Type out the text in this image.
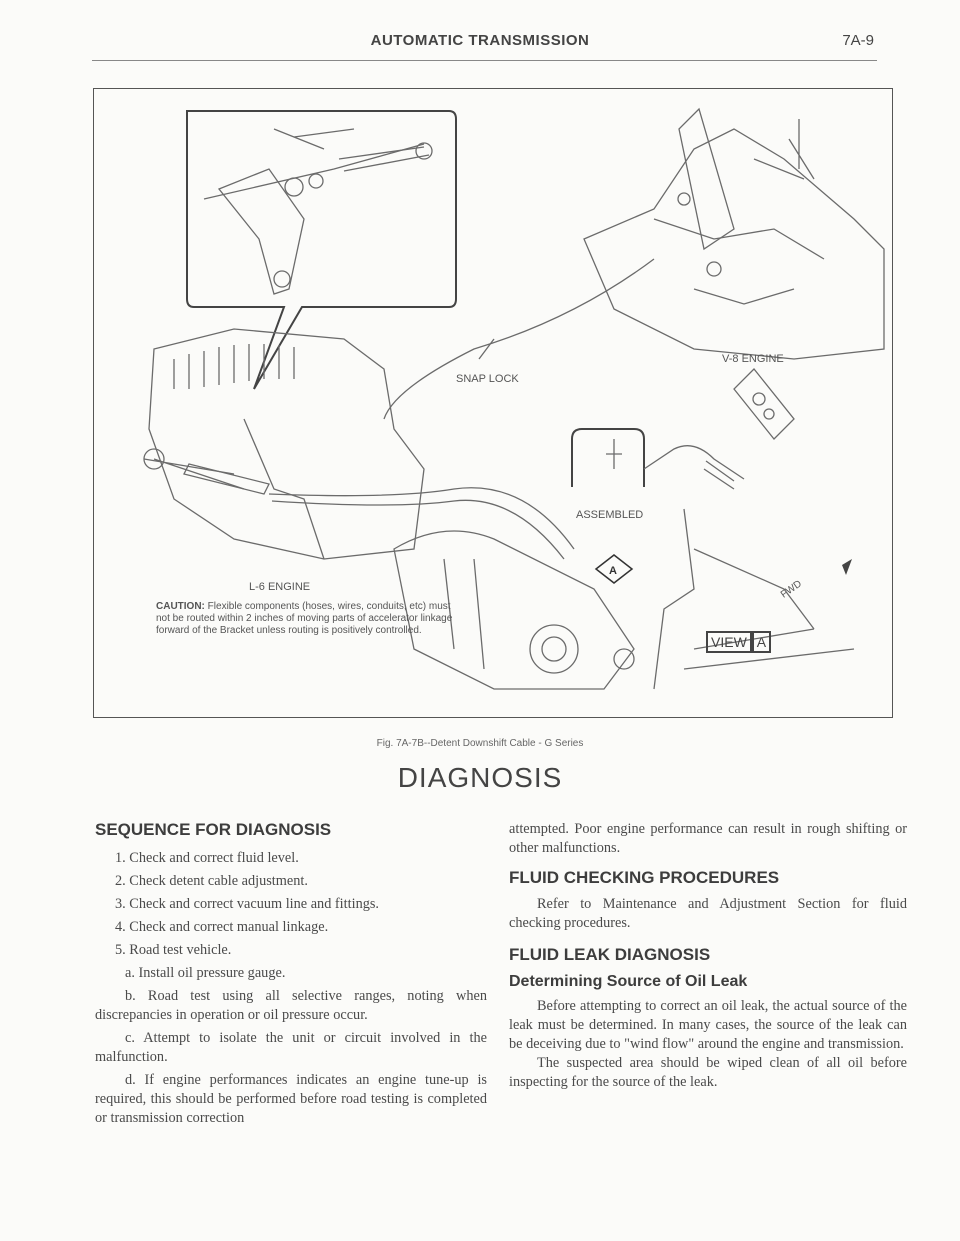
AUTOMATIC TRANSMISSION	7A-9
A
SNAP LOCK
V-8 ENGINE
L-6 ENGINE
ASSEMBLED
FWD
VIEW A
CAUTION: Flexible components (hoses, wires, conduits, etc) must not be routed within 2 inches of moving parts of accelerator linkage forward of the Bracket unless routing is positively controlled.
Fig. 7A-7B--Detent Downshift Cable - G Series
DIAGNOSIS

SEQUENCE FOR DIAGNOSIS

1. Check and correct fluid level.

2. Check detent cable adjustment.

3. Check and correct vacuum line and fittings.

4. Check and correct manual linkage.

5. Road test vehicle.

a. Install oil pressure gauge.

b. Road test using all selective ranges, noting when discrepancies in operation or oil pressure occur.

c. Attempt to isolate the unit or circuit involved in the malfunction.

d. If engine performances indicates an engine tune-up is required, this should be performed before road testing is completed or transmission correction

attempted. Poor engine performance can result in rough shifting or other malfunctions.

FLUID CHECKING PROCEDURES

Refer to Maintenance and Adjustment Section for fluid checking procedures.

FLUID LEAK DIAGNOSIS

Determining Source of Oil Leak

Before attempting to correct an oil leak, the actual source of the leak must be determined. In many cases, the source of the leak can be deceiving due to "wind flow" around the engine and transmission.

The suspected area should be wiped clean of all oil before inspecting for the source of the leak.
